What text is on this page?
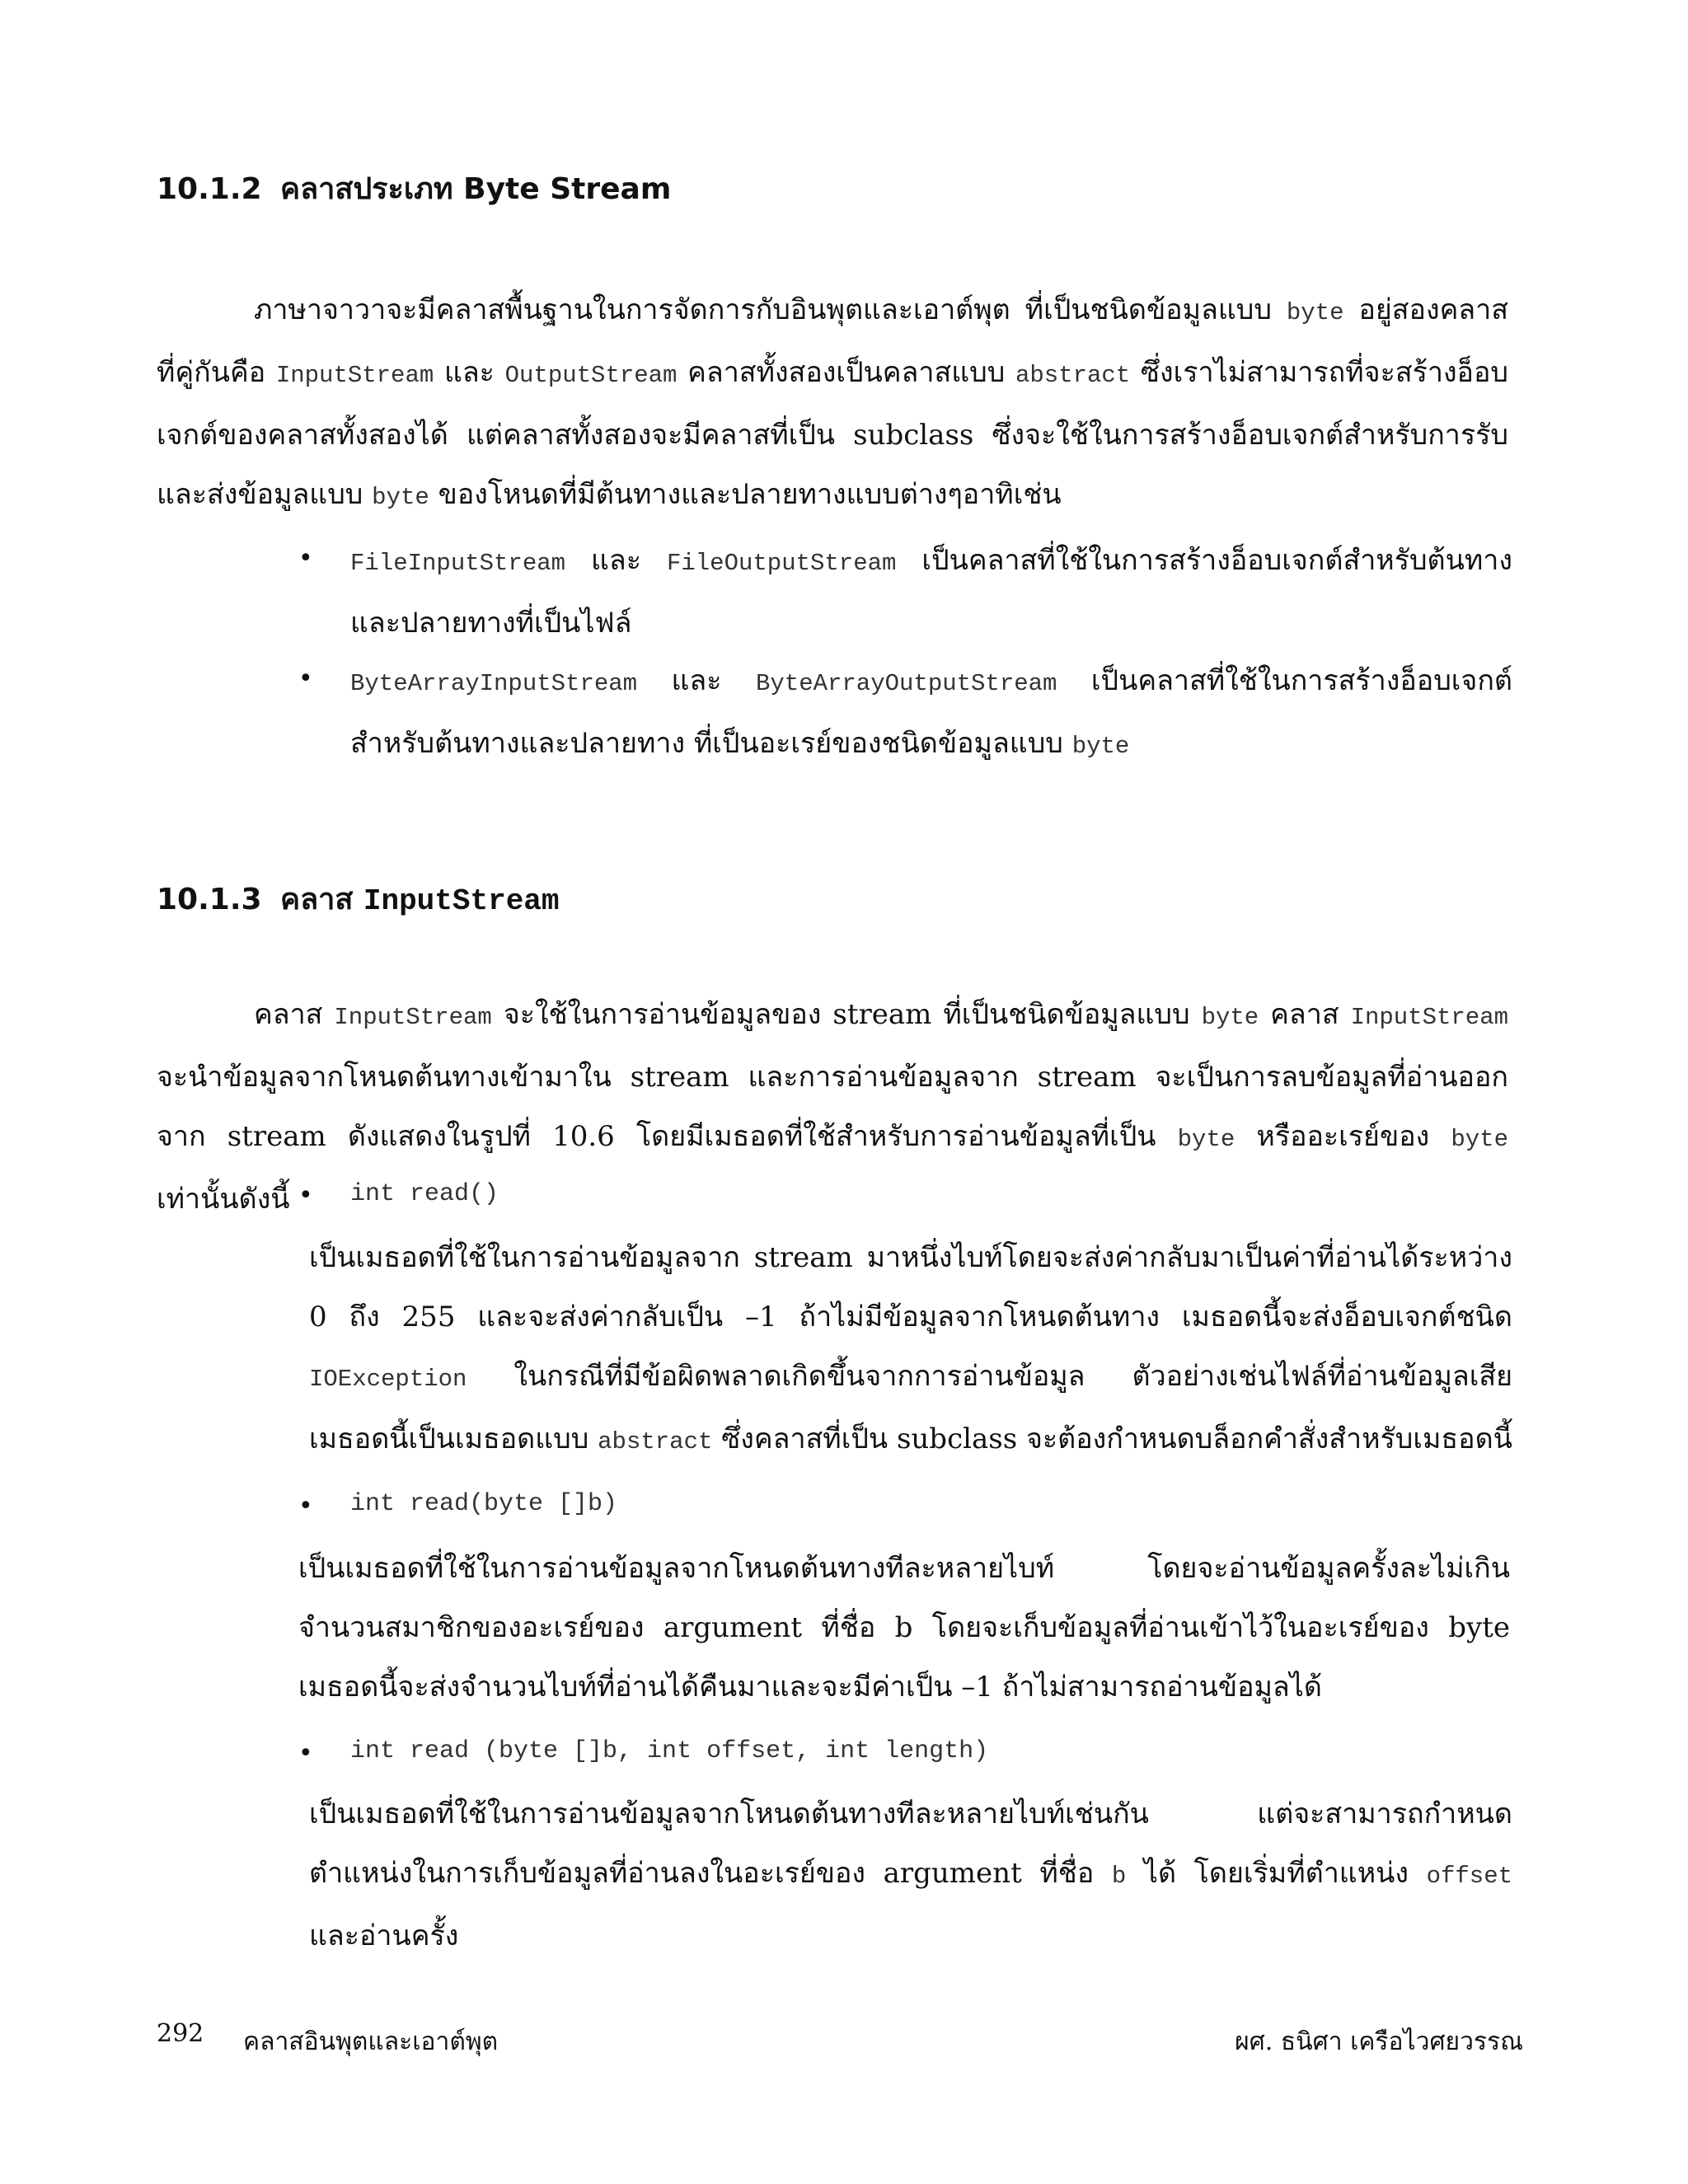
10.1.2 คลาสประเภท Byte Stream

ภาษาจาวาจะมีคลาสพื้นฐานในการจัดการกับอินพุตและเอาต์พุต ที่เป็นชนิดข้อมูลแบบ byte อยู่สองคลาสที่คู่กันคือ InputStream และ OutputStream คลาสทั้งสองเป็นคลาสแบบ abstract ซึ่งเราไม่สามารถที่จะสร้างอ็อบเจกต์ของคลาสทั้งสองได้ แต่คลาสทั้งสองจะมีคลาสที่เป็น subclass ซึ่งจะใช้ในการสร้างอ็อบเจกต์สำหรับการรับและส่งข้อมูลแบบ byte ของโหนดที่มีต้นทางและปลายทางแบบต่างๆอาทิเช่น

• FileInputStream และ FileOutputStream เป็นคลาสที่ใช้ในการสร้างอ็อบเจกต์สำหรับต้นทางและปลายทางที่เป็นไฟล์

• ByteArrayInputStream และ ByteArrayOutputStream เป็นคลาสที่ใช้ในการสร้างอ็อบเจกต์สำหรับต้นทางและปลายทาง ที่เป็นอะเรย์ของชนิดข้อมูลแบบ byte

10.1.3 คลาส InputStream

คลาส InputStream จะใช้ในการอ่านข้อมูลของ stream ที่เป็นชนิดข้อมูลแบบ byte คลาส InputStream จะนำข้อมูลจากโหนดต้นทางเข้ามาใน stream และการอ่านข้อมูลจาก stream จะเป็นการลบข้อมูลที่อ่านออกจาก stream ดังแสดงในรูปที่ 10.6 โดยมีเมธอดที่ใช้สำหรับการอ่านข้อมูลที่เป็น byte หรืออะเรย์ของ byte เท่านั้นดังนี้ • int read()

เป็นเมธอดที่ใช้ในการอ่านข้อมูลจาก stream มาหนึ่งไบท์โดยจะส่งค่ากลับมาเป็นค่าที่อ่านได้ระหว่าง 0 ถึง 255 และจะส่งค่ากลับเป็น –1 ถ้าไม่มีข้อมูลจากโหนดต้นทาง เมธอดนี้จะส่งอ็อบเจกต์ชนิด IOException ในกรณีที่มีข้อผิดพลาดเกิดขึ้นจากการอ่านข้อมูล ตัวอย่างเช่นไฟล์ที่อ่านข้อมูลเสีย เมธอดนี้เป็นเมธอดแบบ abstract ซึ่งคลาสที่เป็น subclass จะต้องกำหนดบล็อกคำสั่งสำหรับเมธอดนี้

• int read(byte []b)

เป็นเมธอดที่ใช้ในการอ่านข้อมูลจากโหนดต้นทางทีละหลายไบท์ โดยจะอ่านข้อมูลครั้งละไม่เกินจำนวนสมาชิกของอะเรย์ของ argument ที่ชื่อ b โดยจะเก็บข้อมูลที่อ่านเข้าไว้ในอะเรย์ของ byte เมธอดนี้จะส่งจำนวนไบท์ที่อ่านได้คืนมาและจะมีค่าเป็น –1 ถ้าไม่สามารถอ่านข้อมูลได้

• int read (byte []b, int offset, int length)

เป็นเมธอดที่ใช้ในการอ่านข้อมูลจากโหนดต้นทางทีละหลายไบท์เช่นกัน แต่จะสามารถกำหนดตำแหน่งในการเก็บข้อมูลที่อ่านลงในอะเรย์ของ argument ที่ชื่อ b ได้ โดยเริ่มที่ตำแหน่ง offset และอ่านครั้ง

292 คลาสอินพุตและเอาต์พุต	ผศ. ธนิศา เครือไวศยวรรณ
